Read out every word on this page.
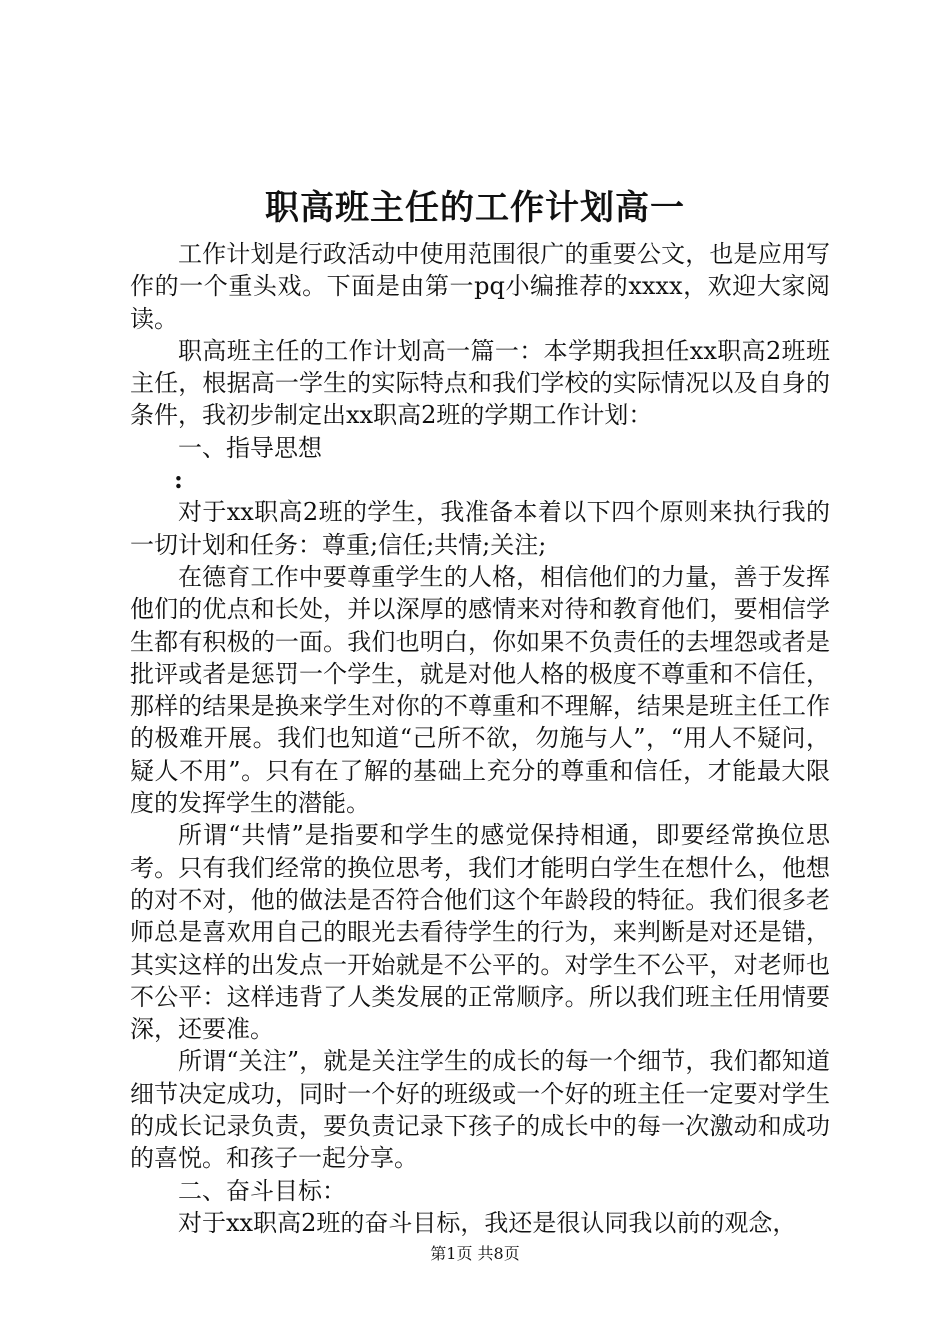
职高班主任的工作计划高一

工作计划是行政活动中使用范围很广的重要公文，也是应用写作的一个重头戏。下面是由第一pq小编推荐的xxxx，欢迎大家阅读。

职高班主任的工作计划高一篇一：本学期我担任xx职高2班班主任，根据高一学生的实际特点和我们学校的实际情况以及自身的条件，我初步制定出xx职高2班的学期工作计划：

一、指导思想

:

对于xx职高2班的学生，我准备本着以下四个原则来执行我的一切计划和任务：尊重;信任;共情;关注;

在德育工作中要尊重学生的人格，相信他们的力量，善于发挥他们的优点和长处，并以深厚的感情来对待和教育他们，要相信学生都有积极的一面。我们也明白，你如果不负责任的去埋怨或者是批评或者是惩罚一个学生，就是对他人格的极度不尊重和不信任，那样的结果是换来学生对你的不尊重和不理解，结果是班主任工作的极难开展。我们也知道“己所不欲，勿施与人”，“用人不疑问，疑人不用”。只有在了解的基础上充分的尊重和信任，才能最大限度的发挥学生的潜能。

所谓“共情”是指要和学生的感觉保持相通，即要经常换位思考。只有我们经常的换位思考，我们才能明白学生在想什么，他想的对不对，他的做法是否符合他们这个年龄段的特征。我们很多老师总是喜欢用自己的眼光去看待学生的行为，来判断是对还是错，其实这样的出发点一开始就是不公平的。对学生不公平，对老师也不公平：这样违背了人类发展的正常顺序。所以我们班主任用情要深，还要准。

所谓“关注”，就是关注学生的成长的每一个细节，我们都知道细节决定成功，同时一个好的班级或一个好的班主任一定要对学生的成长记录负责，要负责记录下孩子的成长中的每一次激动和成功的喜悦。和孩子一起分享。

二、奋斗目标：

对于xx职高2班的奋斗目标，我还是很认同我以前的观念，

第1页 共8页
